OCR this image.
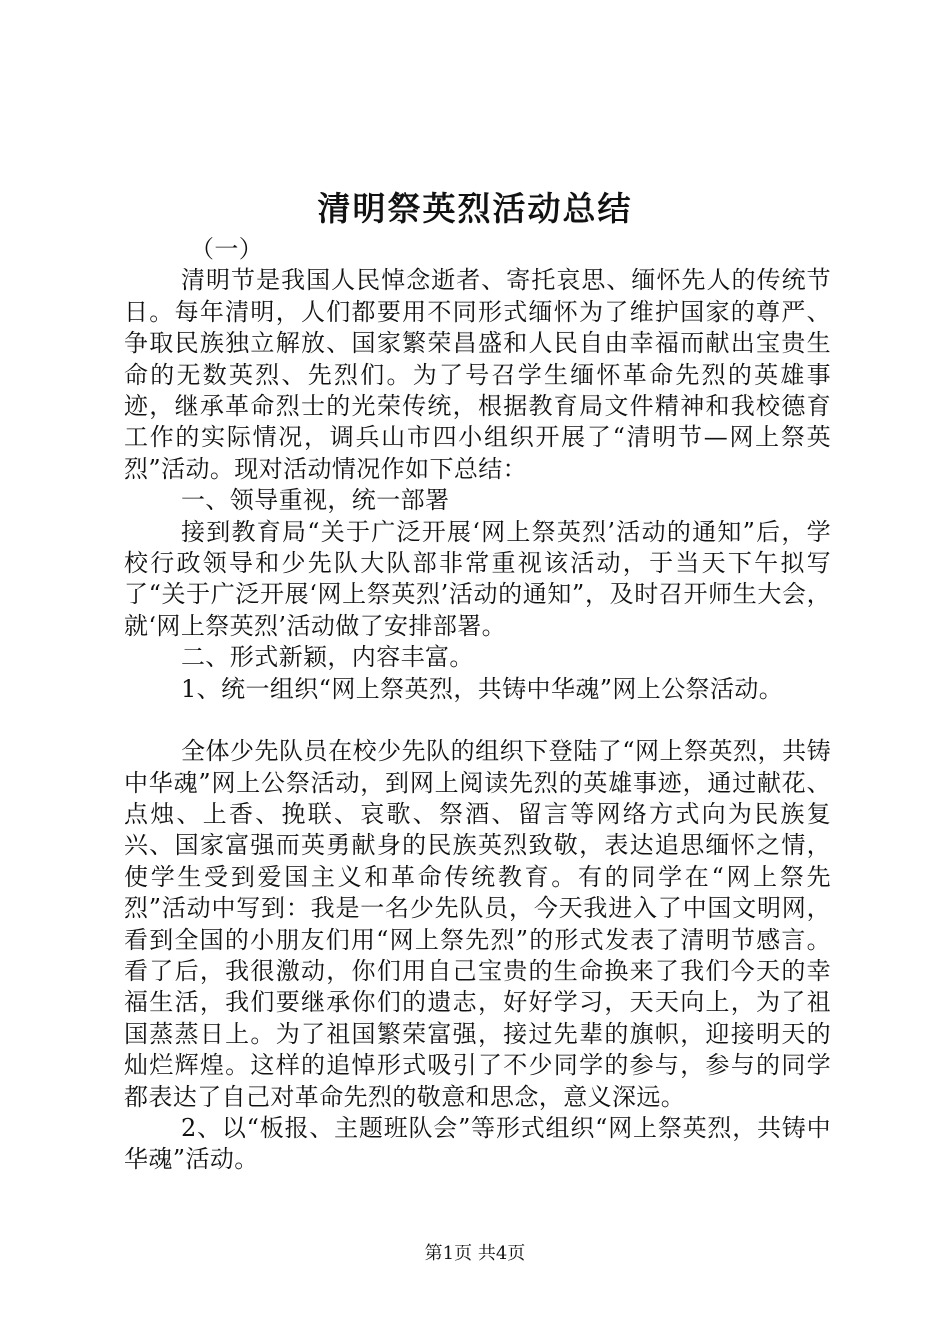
清明祭英烈活动总结

（一）

清明节是我国人民悼念逝者、寄托哀思、缅怀先人的传统节日。每年清明，人们都要用不同形式缅怀为了维护国家的尊严、争取民族独立解放、国家繁荣昌盛和人民自由幸福而献出宝贵生命的无数英烈、先烈们。为了号召学生缅怀革命先烈的英雄事迹，继承革命烈士的光荣传统，根据教育局文件精神和我校德育工作的实际情况，调兵山市四小组织开展了“清明节—网上祭英烈”活动。现对活动情况作如下总结：

一、领导重视，统一部署

接到教育局“关于广泛开展‘网上祭英烈’活动的通知”后，学校行政领导和少先队大队部非常重视该活动，于当天下午拟写了“关于广泛开展‘网上祭英烈’活动的通知”，及时召开师生大会，就‘网上祭英烈’活动做了安排部署。

二、形式新颖，内容丰富。

1、统一组织“网上祭英烈，共铸中华魂”网上公祭活动。

全体少先队员在校少先队的组织下登陆了“网上祭英烈，共铸中华魂”网上公祭活动，到网上阅读先烈的英雄事迹，通过献花、点烛、上香、挽联、哀歌、祭酒、留言等网络方式向为民族复兴、国家富强而英勇献身的民族英烈致敬，表达追思缅怀之情，使学生受到爱国主义和革命传统教育。有的同学在“网上祭先烈”活动中写到：我是一名少先队员，今天我进入了中国文明网，看到全国的小朋友们用“网上祭先烈”的形式发表了清明节感言。看了后，我很激动，你们用自己宝贵的生命换来了我们今天的幸福生活，我们要继承你们的遗志，好好学习，天天向上，为了祖国蒸蒸日上。为了祖国繁荣富强，接过先辈的旗帜，迎接明天的灿烂辉煌。这样的追悼形式吸引了不少同学的参与，参与的同学都表达了自己对革命先烈的敬意和思念，意义深远。

2、以“板报、主题班队会”等形式组织“网上祭英烈，共铸中华魂”活动。

第1页 共4页
